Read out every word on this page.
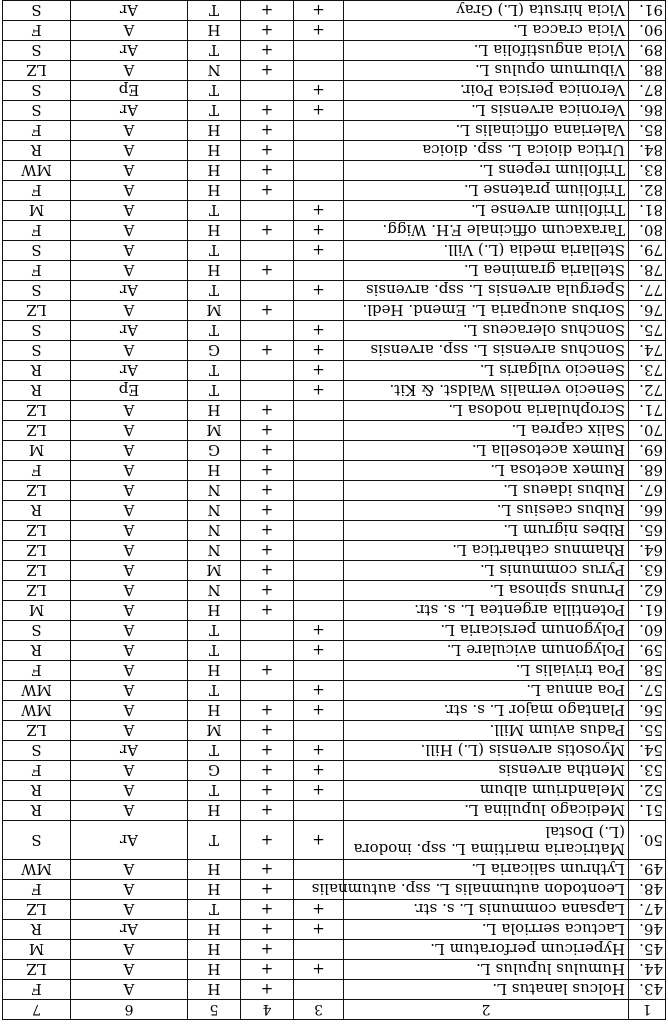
1	2	3	4	5	6	7
43.	Holcus lanatus L.		+	H	A	F
44.	Humulus lupulus L.	+	+	H	A	LZ
45.	Hypericum perforatum L.		+	H	A	M
46.	Lactuca serriola L.	+	+	H	Ar	R
47.	Lapsana communis L. s. str.	+	+	T	A	LZ
48.	Leontodon autumnalis L. ssp. autumnalis		+	H	A	F
49.	Lythrum salicaria L.		+	H	A	MW
50.	Matricaria maritima L. ssp. inodora (L.) Dostal	+	+	T	Ar	S
51.	Medicago lupulina L.		+	H	A	R
52.	Melandrium album	+	+	T	A	R
53.	Mentha arvensis	+	+	G	A	F
54.	Myosotis arvensis (L.) Hill.	+	+	T	Ar	S
55.	Padus avium Mill.		+	M	A	LZ
56.	Plantago major L. s. str.	+	+	H	A	MW
57.	Poa annua L.	+		T	A	MW
58.	Poa trivialis L.		+	H	A	F
59.	Polygonum aviculare L.	+		T	A	R
60.	Polygonum persicaria L.	+		T	A	S
61.	Potentilla argentea L. s. str.		+	H	A	M
62.	Prunus spinosa L.		+	N	A	LZ
63.	Pyrus communis L.		+	M	A	LZ
64.	Rhamnus cathartica L.		+	N	A	LZ
65.	Ribes nigrum L.		+	N	A	LZ
66.	Rubus caesius L.		+	N	A	R
67.	Rubus idaeus L.		+	N	A	LZ
68.	Rumex acetosa L.		+	H	A	F
69.	Rumex acetosella L.		+	G	A	M
70.	Salix caprea L.		+	M	A	LZ
71.	Scrophularia nodosa L.		+	H	A	LZ
72.	Senecio vernalis Waldst. & Kit.	+		T	Ep	R
73.	Senecio vulgaris L.	+		T	Ar	R
74.	Sonchus arvensis L. ssp. arvensis	+	+	G	A	S
75.	Sonchus oleraceus L.	+		T	Ar	S
76.	Sorbus aucuparia L. Emend. Hedl.		+	M	A	LZ
77.	Spergula arvensis L. ssp. arvensis	+		T	Ar	S
78.	Stellaria graminea L.		+	H	A	F
79.	Stellaria media (L.) Vill.	+		T	A	S
80.	Taraxacum officinale F.H. Wigg.	+	+	H	A	F
81.	Trifolium arvense L.	+		T	A	M
82.	Trifolium pratense L.		+	H	A	F
83.	Trifolium repens L.		+	H	A	MW
84.	Urtica dioica L. ssp. dioica		+	H	A	R
85.	Valeriana officinalis L.		+	H	A	F
86.	Veronica arvensis L.	+	+	T	Ar	S
87.	Veronica persica Poir.	+		T	Ep	S
88.	Viburnum opulus L.		+	N	A	LZ
89.	Vicia angustifolia L.		+	T	Ar	S
90.	Vicia cracca L.	+	+	H	A	F
91.	Vicia hirsuta (L.) Gray	+	+	T	Ar	S
